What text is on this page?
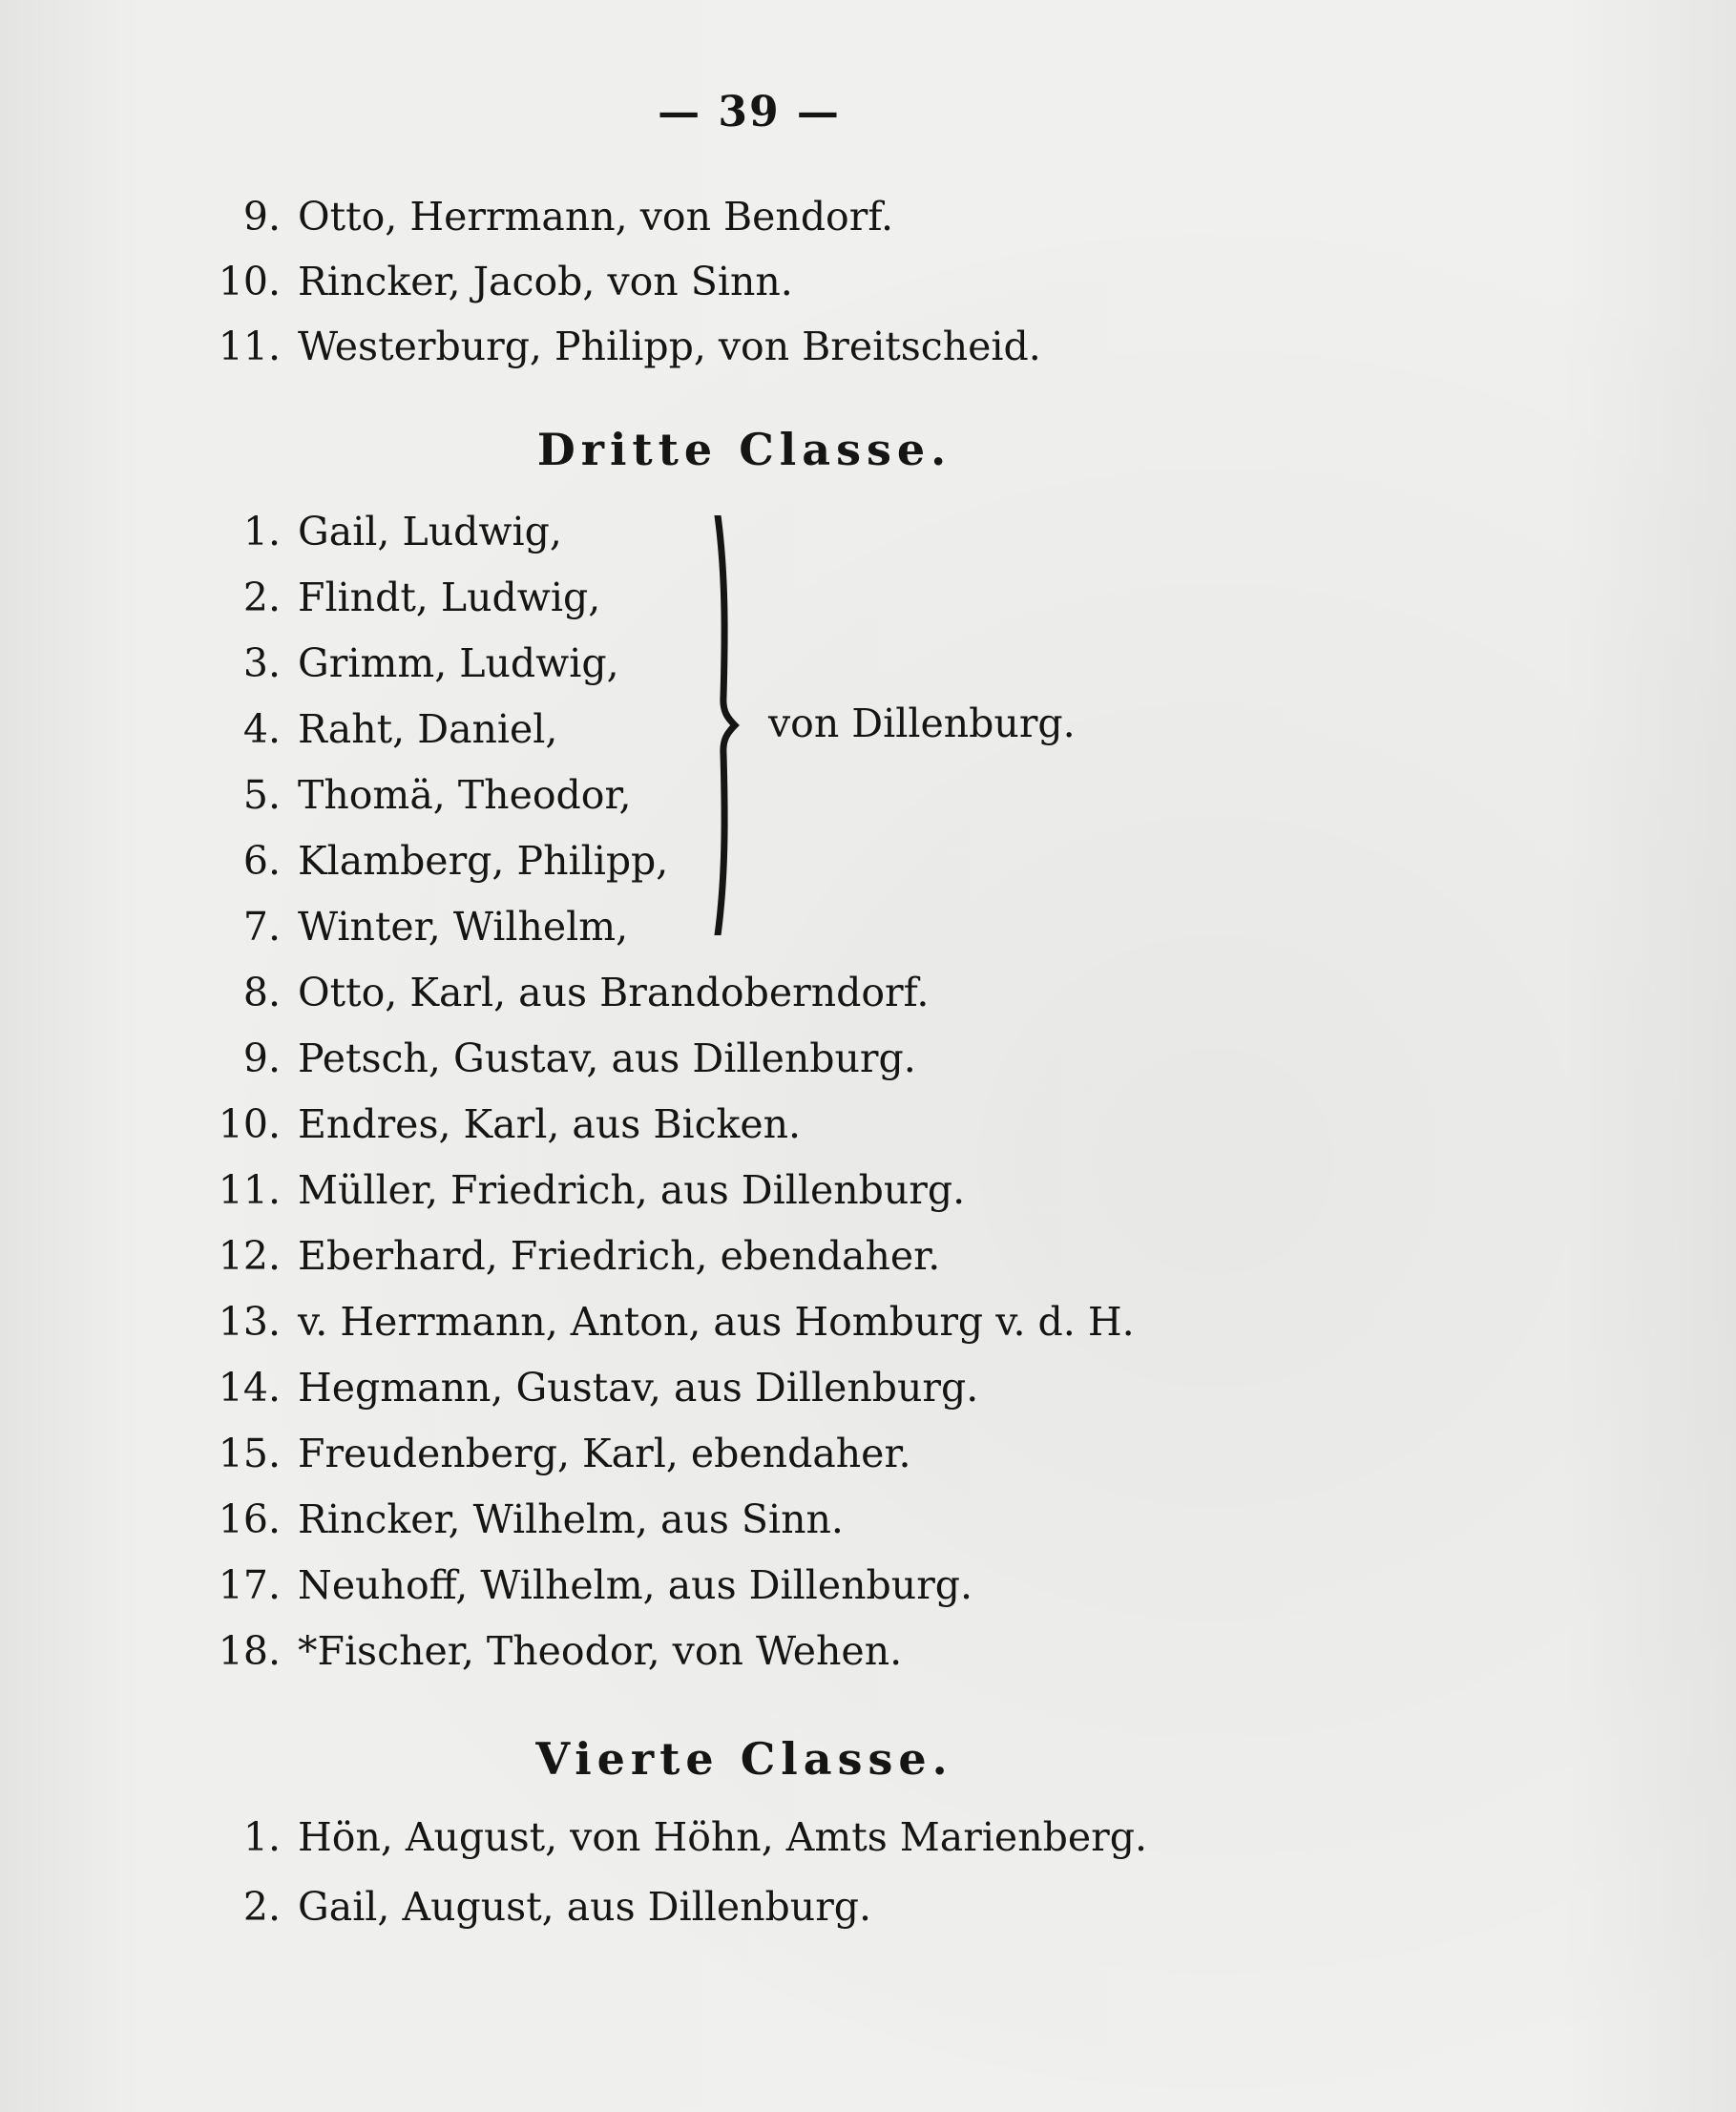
— 39 —
9. Otto, Herrmann, von Bendorf.
10. Rincker, Jacob, von Sinn.
11. Westerburg, Philipp, von Breitscheid.
Dritte Classe.
1. Gail, Ludwig,
2. Flindt, Ludwig,
3. Grimm, Ludwig,
4. Raht, Daniel,
5. Thomä, Theodor,
6. Klamberg, Philipp,
7. Winter, Wilhelm,
von Dillenburg.
8. Otto, Karl, aus Brandoberndorf.
9. Petsch, Gustav, aus Dillenburg.
10. Endres, Karl, aus Bicken.
11. Müller, Friedrich, aus Dillenburg.
12. Eberhard, Friedrich, ebendaher.
13. v. Herrmann, Anton, aus Homburg v. d. H.
14. Hegmann, Gustav, aus Dillenburg.
15. Freudenberg, Karl, ebendaher.
16. Rincker, Wilhelm, aus Sinn.
17. Neuhoff, Wilhelm, aus Dillenburg.
18. *Fischer, Theodor, von Wehen.
Vierte Classe.
1. Hön, August, von Höhn, Amts Marienberg.
2. Gail, August, aus Dillenburg.
